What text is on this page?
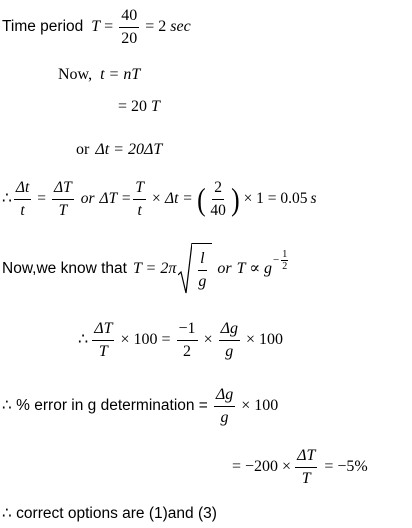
Time period $T = \frac{40}{20} = 2$ sec
Now, t = nT
= 20 T
or Δt = 20ΔT
∴ $\frac{\Delta t}{t} = \frac{\Delta T}{T}$ or $\Delta T = \frac{T}{t} \times \Delta t$ = ( $\frac{2}{40}$ ) × 1 = 0.05 s
Now,we know that $T = 2\pi \frac{l}{g}$ or T ∝ g
− $\frac{1}{2}$
∴ $\frac{\Delta T}{T} \times 100 = \frac{-1}{2} \times \frac{\Delta g}{g} \times 100$
∴ % error in g determination = $\frac{\Delta g}{g} \times 100$
= $-200 \times \frac{\Delta T}{T} = -5\%$
∴ correct options are (1)and (3)
